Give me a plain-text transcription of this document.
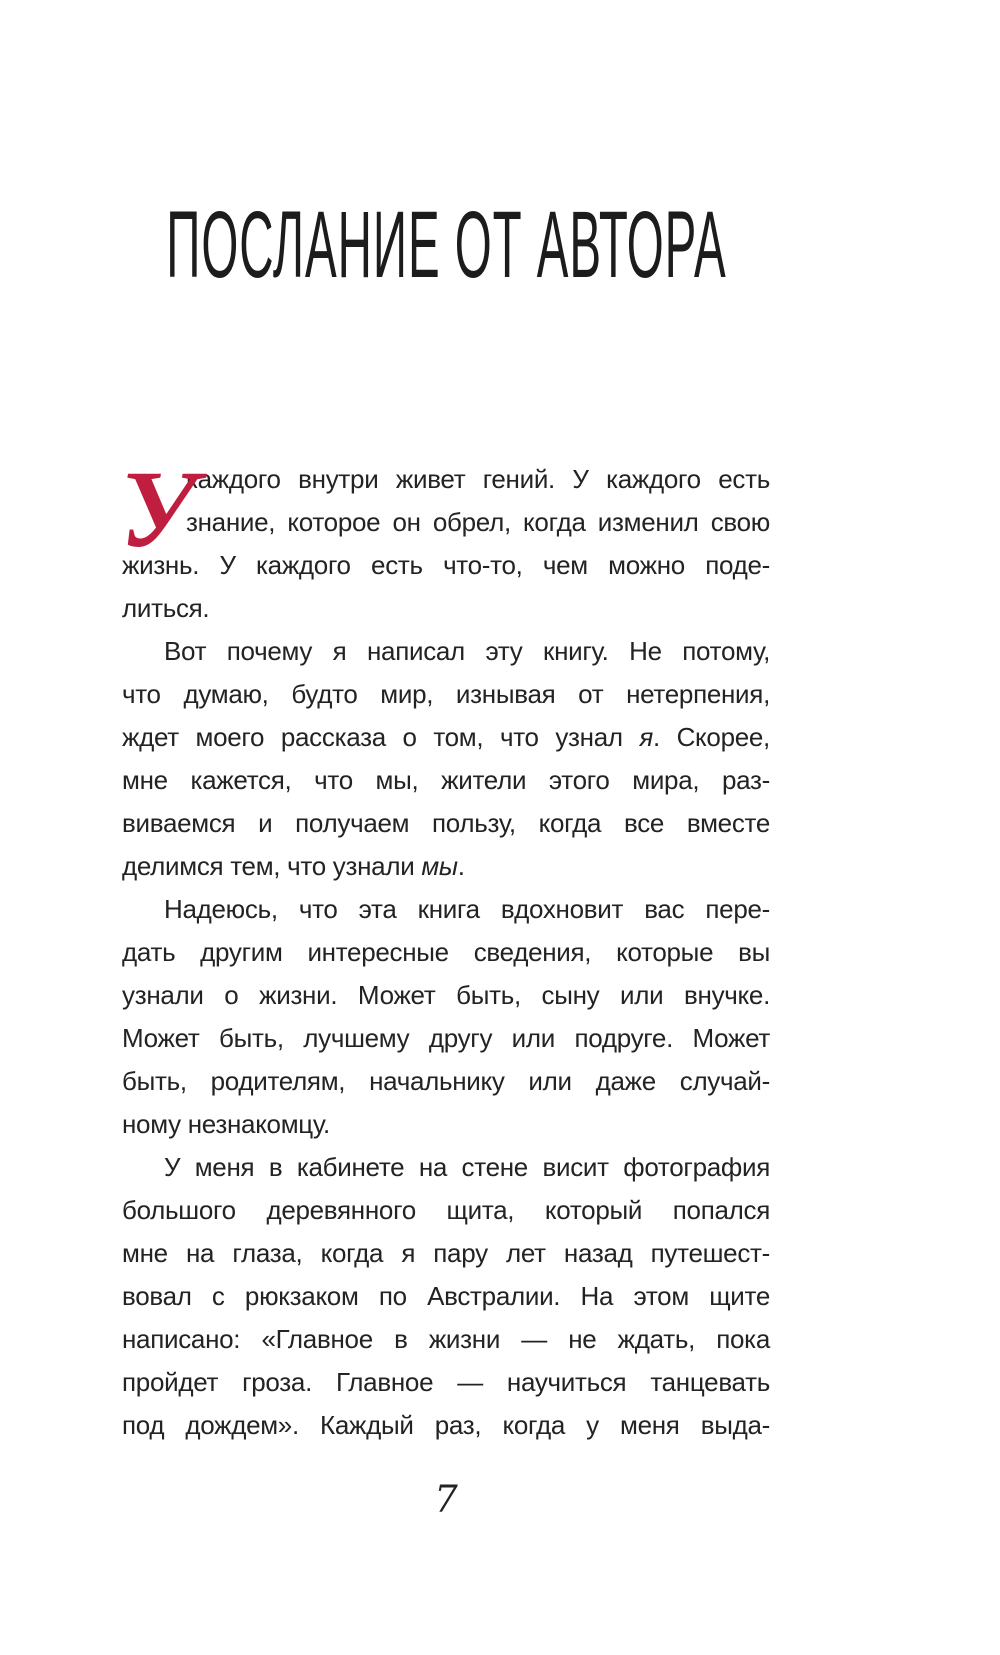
ПОСЛАНИЕ ОТ АВТОРА
У
каждого внутри живет гений. У каждого есть
знание, которое он обрел, когда изменил свою
жизнь. У каждого есть что-то, чем можно поде-
литься.
Вот почему я написал эту книгу. Не потому,
что думаю, будто мир, изнывая от нетерпения,
ждет моего рассказа о том, что узнал я. Скорее,
мне кажется, что мы, жители этого мира, раз-
виваемся и получаем пользу, когда все вместе
делимся тем, что узнали мы.
Надеюсь, что эта книга вдохновит вас пере-
дать другим интересные сведения, которые вы
узнали о жизни. Может быть, сыну или внучке.
Может быть, лучшему другу или подруге. Может
быть, родителям, начальнику или даже случай-
ному незнакомцу.
У меня в кабинете на стене висит фотография
большого деревянного щита, который попался
мне на глаза, когда я пару лет назад путешест-
вовал с рюкзаком по Австралии. На этом щите
написано: «Главное в жизни — не ждать, пока
пройдет гроза. Главное — научиться танцевать
под дождем». Каждый раз, когда у меня выда-
7
